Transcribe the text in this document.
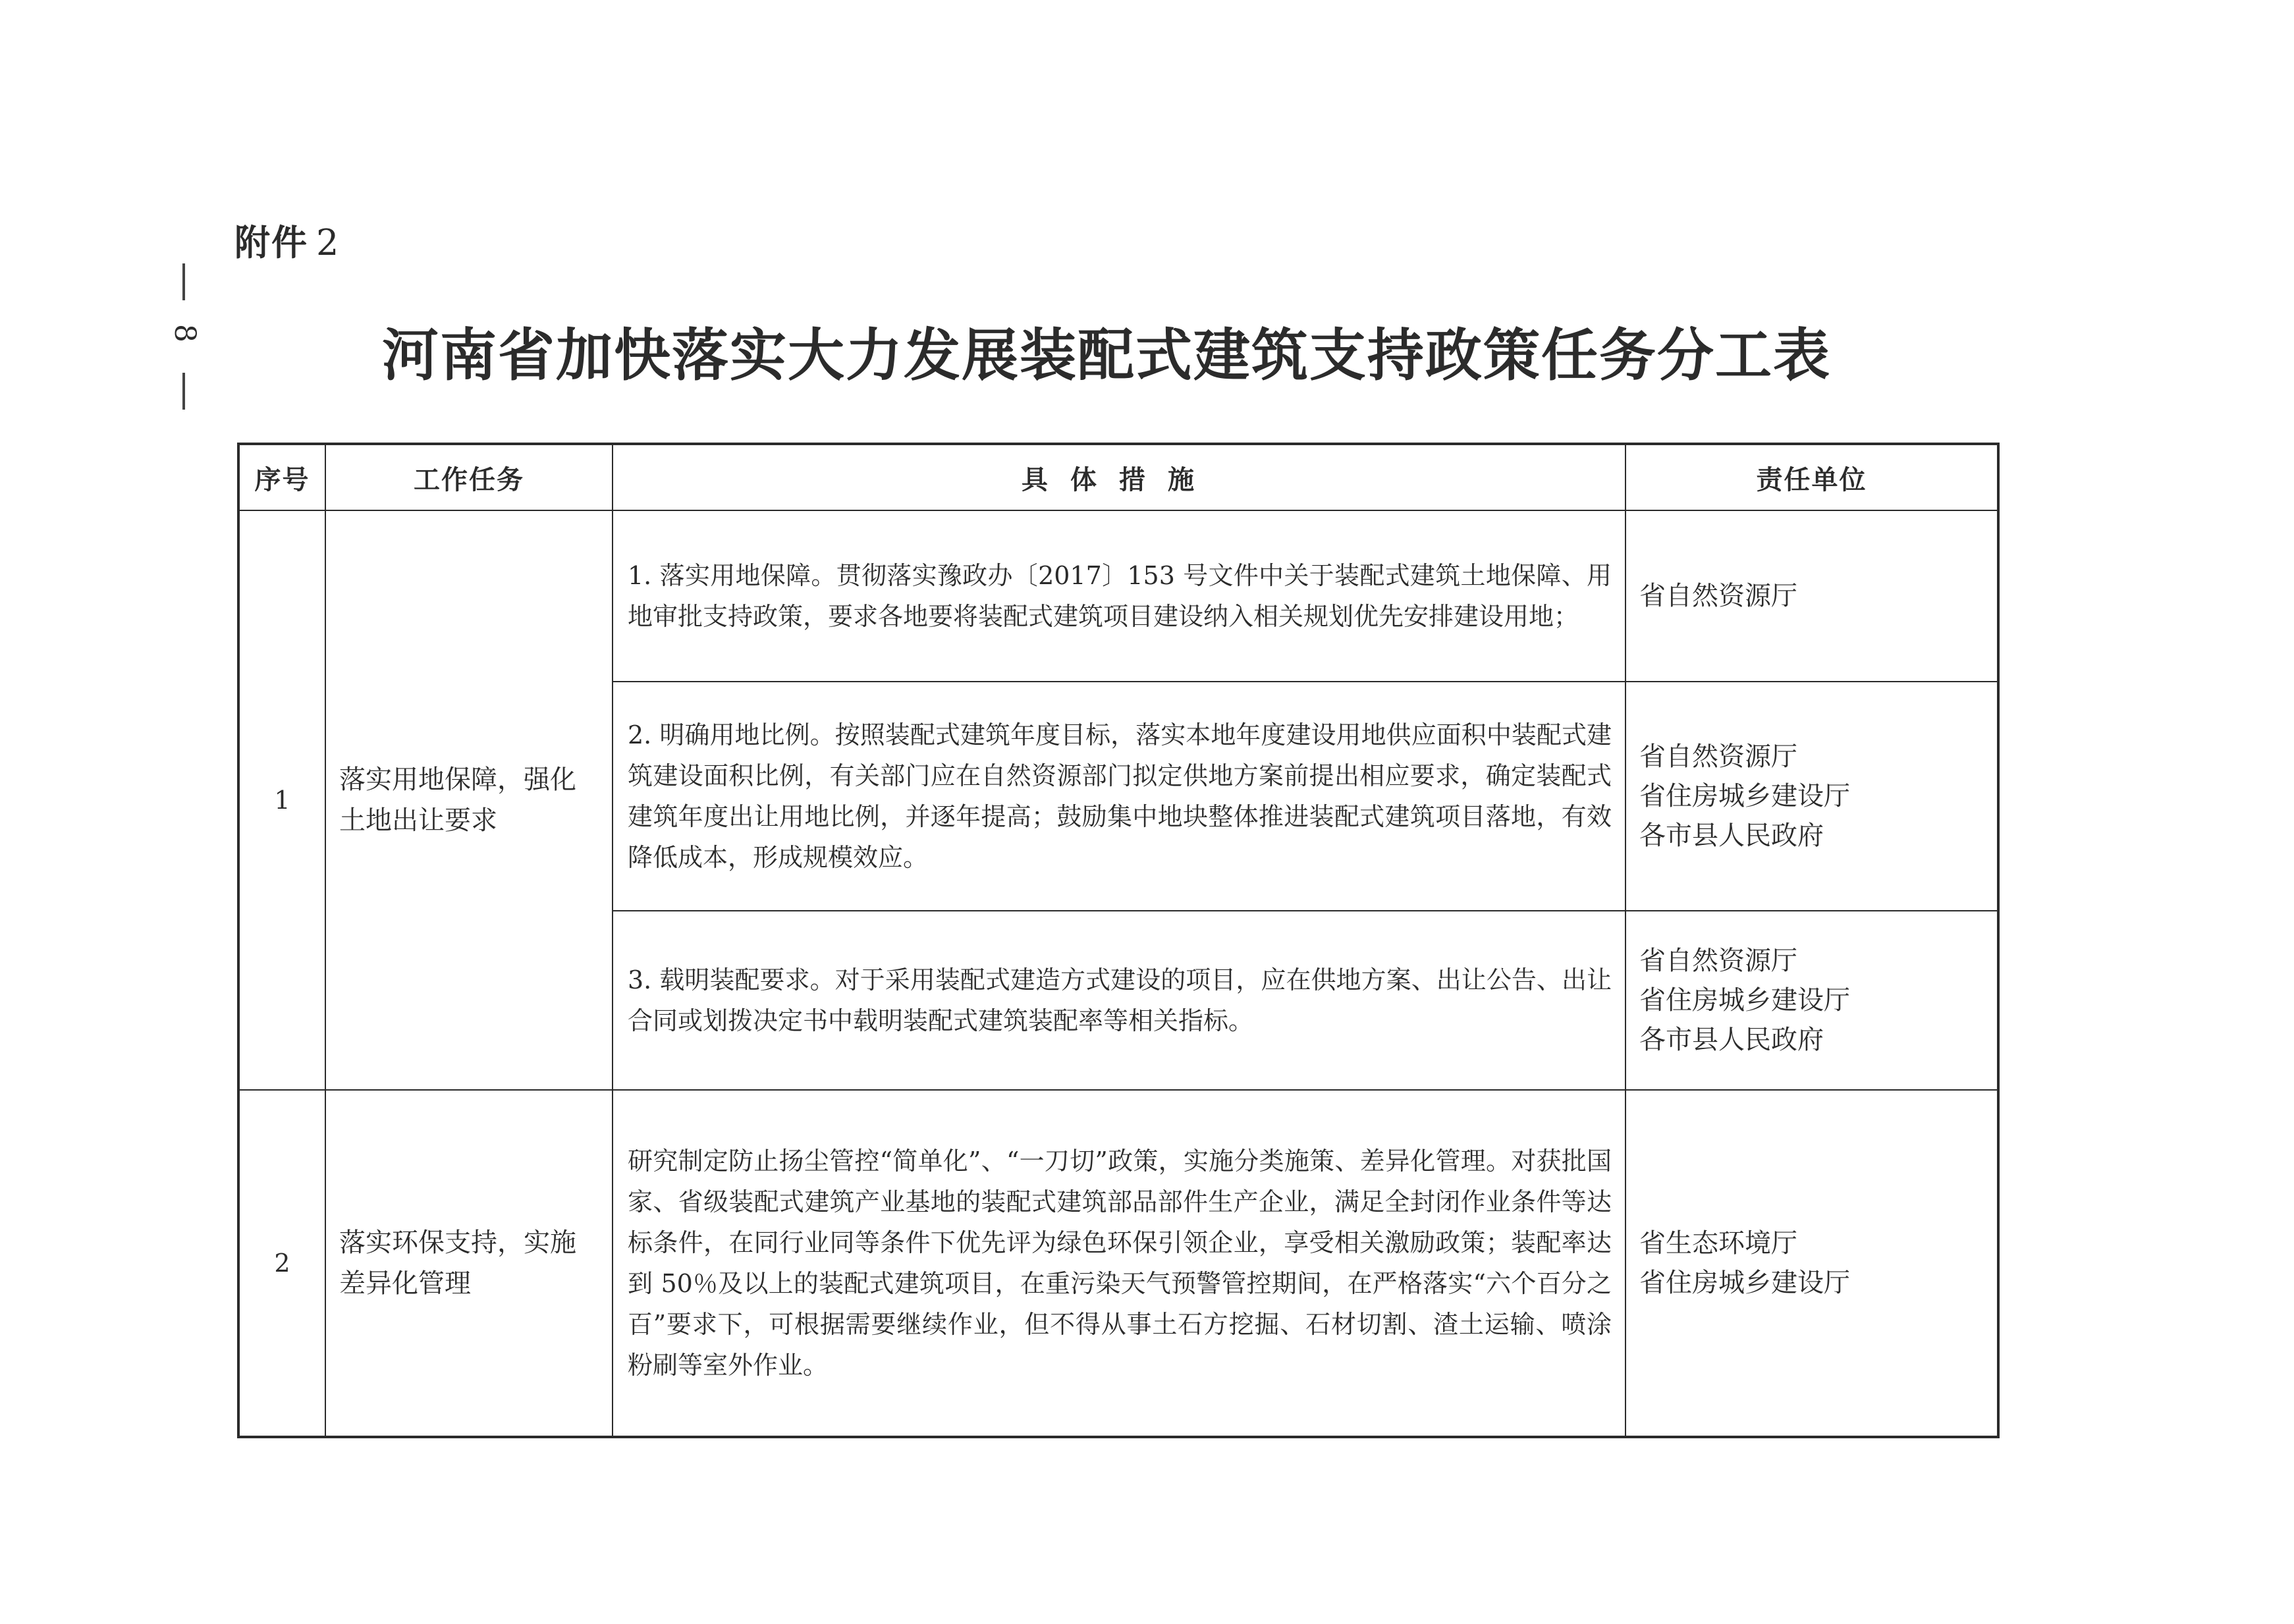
8
附件 2
河南省加快落实大力发展装配式建筑支持政策任务分工表
序号	工作任务	具体措施	责任单位
1	落实用地保障，强化土地出让要求	1. 落实用地保障。贯彻落实豫政办〔2017〕153 号文件中关于装配式建筑土地保障、用地审批支持政策，要求各地要将装配式建筑项目建设纳入相关规划优先安排建设用地；	省自然资源厅

		2. 明确用地比例。按照装配式建筑年度目标，落实本地年度建设用地供应面积中装配式建筑建设面积比例，有关部门应在自然资源部门拟定供地方案前提出相应要求，确定装配式建筑年度出让用地比例，并逐年提高；鼓励集中地块整体推进装配式建筑项目落地，有效降低成本，形成规模效应。	省自然资源厅
省住房城乡建设厅
各市县人民政府

		3. 载明装配要求。对于采用装配式建造方式建设的项目，应在供地方案、出让公告、出让合同或划拨决定书中载明装配式建筑装配率等相关指标。	省自然资源厅
省住房城乡建设厅
各市县人民政府

2	落实环保支持，实施差异化管理	研究制定防止扬尘管控“简单化”、“一刀切”政策，实施分类施策、差异化管理。对获批国家、省级装配式建筑产业基地的装配式建筑部品部件生产企业，满足全封闭作业条件等达标条件，在同行业同等条件下优先评为绿色环保引领企业，享受相关激励政策；装配率达到 50％及以上的装配式建筑项目，在重污染天气预警管控期间，在严格落实“六个百分之百”要求下，可根据需要继续作业，但不得从事土石方挖掘、石材切割、渣土运输、喷涂粉刷等室外作业。	省生态环境厅
省住房城乡建设厅
